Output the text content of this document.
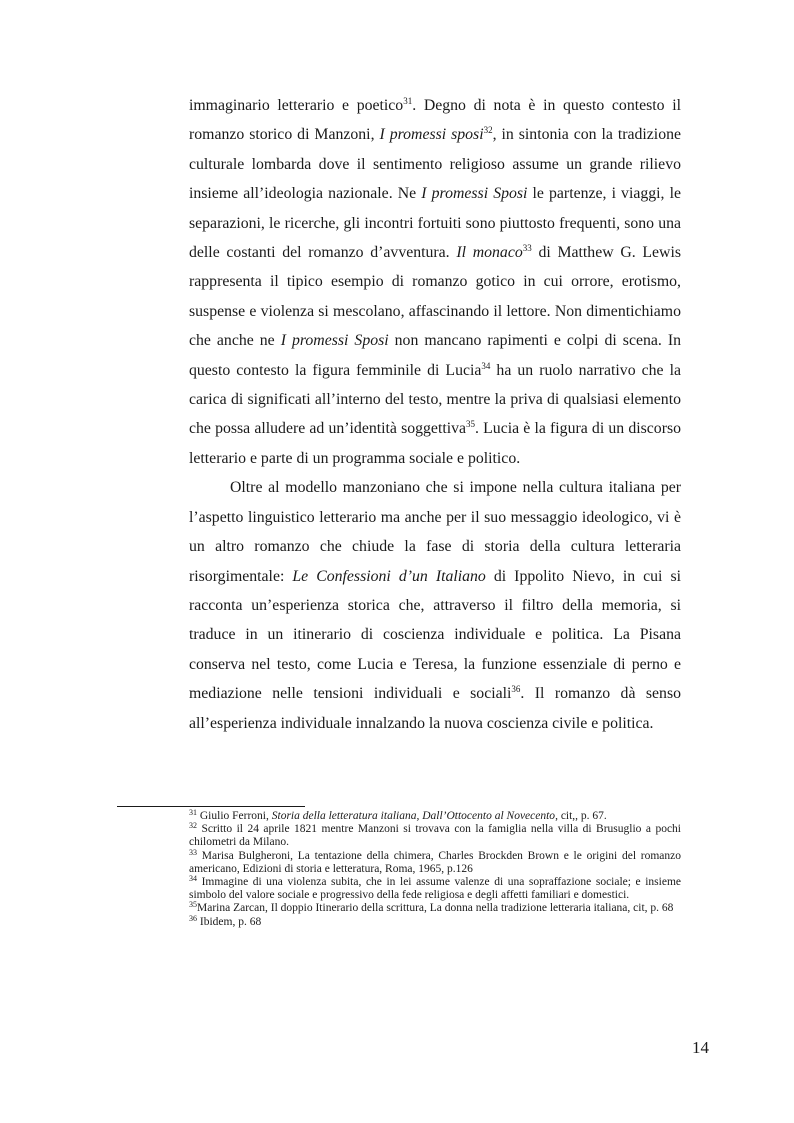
immaginario letterario e poetico$^{31}$. Degno di nota è in questo contesto il romanzo storico di Manzoni, I promessi sposi$^{32}$, in sintonia con la tradizione culturale lombarda dove il sentimento religioso assume un grande rilievo insieme all’ideologia nazionale. Ne I promessi Sposi le partenze, i viaggi, le separazioni, le ricerche, gli incontri fortuiti sono piuttosto frequenti, sono una delle costanti del romanzo d’avventura. Il monaco$^{33}$ di Matthew G. Lewis rappresenta il tipico esempio di romanzo gotico in cui orrore, erotismo, suspense e violenza si mescolano, affascinando il lettore. Non dimentichiamo che anche ne I promessi Sposi non mancano rapimenti e colpi di scena. In questo contesto la figura femminile di Lucia$^{34}$ ha un ruolo narrativo che la carica di significati all’interno del testo, mentre la priva di qualsiasi elemento che possa alludere ad un’identità soggettiva$^{35}$. Lucia è la figura di un discorso letterario e parte di un programma sociale e politico.

Oltre al modello manzoniano che si impone nella cultura italiana per l’aspetto linguistico letterario ma anche per il suo messaggio ideologico, vi è un altro romanzo che chiude la fase di storia della cultura letteraria risorgimentale: Le Confessioni d’un Italiano di Ippolito Nievo, in cui si racconta un’esperienza storica che, attraverso il filtro della memoria, si traduce in un itinerario di coscienza individuale e politica. La Pisana conserva nel testo, come Lucia e Teresa, la funzione essenziale di perno e mediazione nelle tensioni individuali e sociali$^{36}$. Il romanzo dà senso all’esperienza individuale innalzando la nuova coscienza civile e politica.

$^{31}$ Giulio Ferroni, Storia della letteratura italiana, Dall’Ottocento al Novecento, cit,, p. 67.

$^{32}$ Scritto il 24 aprile 1821 mentre Manzoni si trovava con la famiglia nella villa di Brusuglio a pochi chilometri da Milano.

$^{33}$ Marisa Bulgheroni, La tentazione della chimera, Charles Brockden Brown e le origini del romanzo americano, Edizioni di storia e letteratura, Roma, 1965, p.126

$^{34}$ Immagine di una violenza subita, che in lei assume valenze di una sopraffazione sociale; e insieme simbolo del valore sociale e progressivo della fede religiosa e degli affetti familiari e domestici.

$^{35}$Marina Zarcan, Il doppio Itinerario della scrittura, La donna nella tradizione letteraria italiana, cit, p. 68

$^{36}$ Ibidem, p. 68

14
